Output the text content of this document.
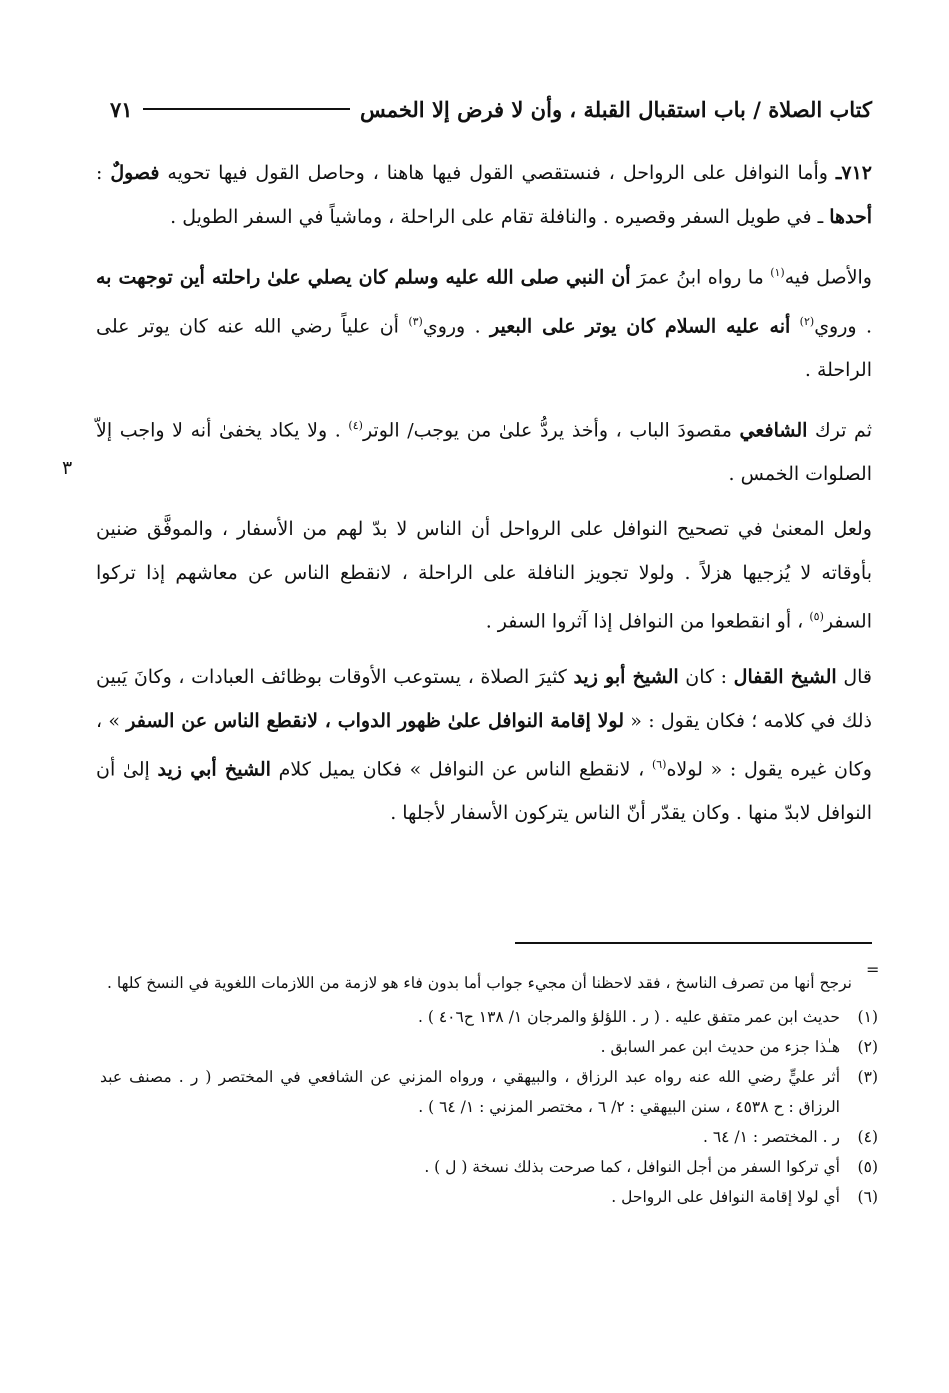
كتاب الصلاة / باب استقبال القبلة ، وأن لا فرض إلا الخمس
٧١
٣

٧١٢ـ وأما النوافل على الرواحل ، فنستقصي القول فيها هاهنا ، وحاصل القول فيها تحويه فصولٌ : أحدها ـ في طويل السفر وقصيره . والنافلة تقام على الراحلة ، وماشياً في السفر الطويل .

والأصل فيه$^{(١)}$ ما رواه ابنُ عمرَ أن النبي صلى الله عليه وسلم كان يصلي علىٰ راحلته أين توجهت به . وروي$^{(٢)}$ أنه عليه السلام كان يوتر على البعير . وروي$^{(٣)}$ أن علياً رضي الله عنه كان يوتر على الراحلة .

ثم ترك الشافعي مقصودَ الباب ، وأخذ يردُّ علىٰ من يوجب/ الوتر$^{(٤)}$ . ولا يكاد يخفىٰ أنه لا واجب إلاّ الصلوات الخمس .

ولعل المعنىٰ في تصحيح النوافل على الرواحل أن الناس لا بدّ لهم من الأسفار ، والموفَّق ضنين بأوقاته لا يُزجيها هزلاً . ولولا تجويز النافلة على الراحلة ، لانقطع الناس عن معاشهم إذا تركوا السفر$^{(٥)}$ ، أو انقطعوا من النوافل إذا آثروا السفر .

قال الشيخ القفال : كان الشيخ أبو زيد كثيرَ الصلاة ، يستوعب الأوقات بوظائف العبادات ، وكانَ يَبين ذلك في كلامه ؛ فكان يقول : « لولا إقامة النوافل علىٰ ظهور الدواب ، لانقطع الناس عن السفر » ، وكان غيره يقول : « لولاه$^{(٦)}$ ، لانقطع الناس عن النوافل » فكان يميل كلام الشيخ أبي زيد إلىٰ أن النوافل لابدّ منها . وكان يقدّر أنّ الناس يتركون الأسفار لأجلها .

=
نرجح أنها من تصرف الناسخ ، فقد لاحظنا أن مجيء جواب أما بدون فاء هو لازمة من اللازمات اللغوية في النسخ كلها .
(١)
حديث ابن عمر متفق عليه . ( ر . اللؤلؤ والمرجان ١/ ١٣٨ ح٤٠٦ ) .
(٢)
هـٰذا جزء من حديث ابن عمر السابق .
(٣)
أثر عليٍّ رضي الله عنه رواه عبد الرزاق ، والبيهقي ، ورواه المزني عن الشافعي في المختصر ( ر . مصنف عبد الرزاق : ح ٤٥٣٨ ، سنن البيهقي : ٢/ ٦ ، مختصر المزني : ١/ ٦٤ ) .
(٤)
ر . المختصر : ١/ ٦٤ .
(٥)
أي تركوا السفر من أجل النوافل ، كما صرحت بذلك نسخة ( ل ) .
(٦)
أي لولا إقامة النوافل على الرواحل .
